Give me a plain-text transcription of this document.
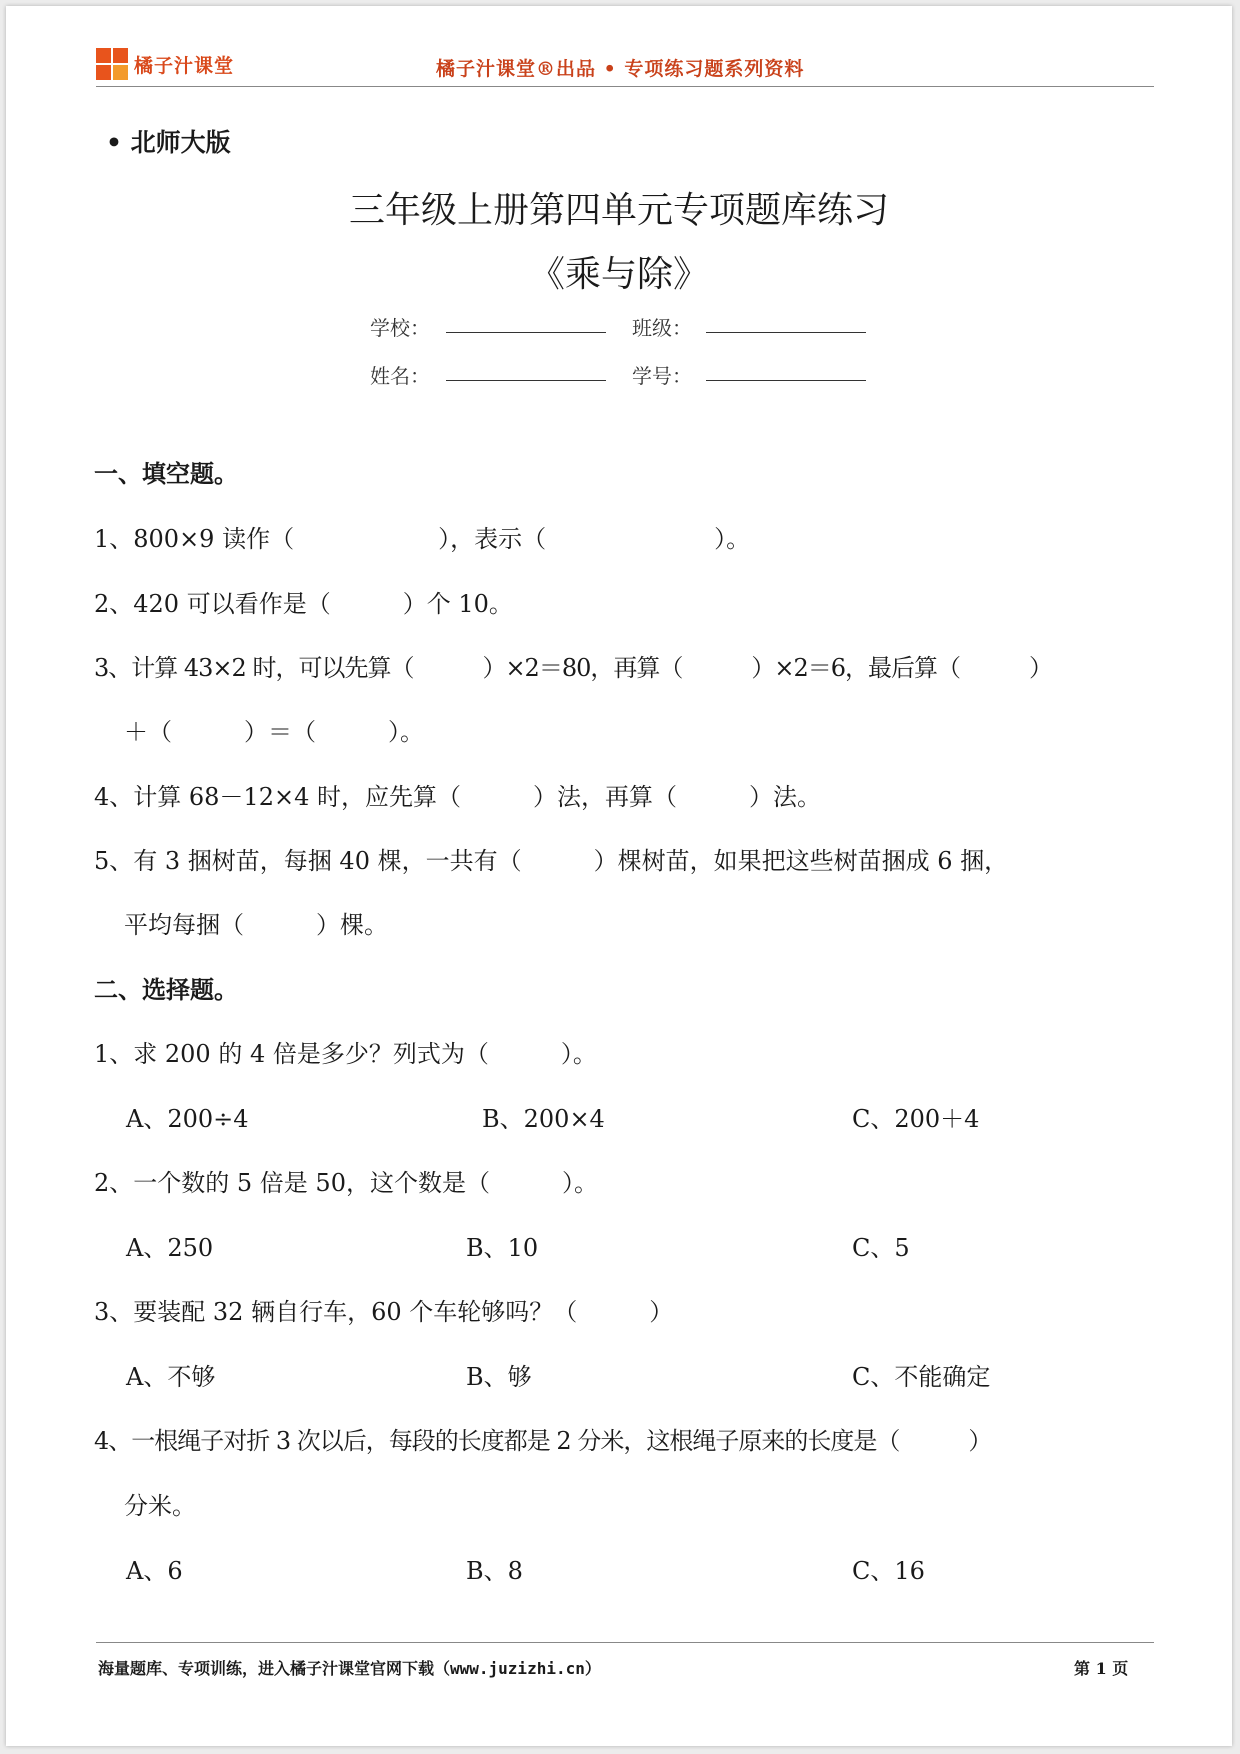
橘子汁课堂	橘子汁课堂®出品 • 专项练习题系列资料
• 北师大版
三年级上册第四单元专项题库练习
《乘与除》
学校：	班级：
姓名：	学号：
一、填空题。
1、800×9 读作（　　　　　　），表示（　　　　　　　）。
2、420 可以看作是（　　　）个 10。
3、计算 43×2 时，可以先算（　　　）×2＝80，再算（　　　）×2＝6，最后算（　　　）
＋（　　　）＝（　　　）。
4、计算 68－12×4 时，应先算（　　　）法，再算（　　　）法。
5、有 3 捆树苗，每捆 40 棵，一共有（　　　）棵树苗，如果把这些树苗捆成 6 捆，
平均每捆（　　　）棵。
二、选择题。
1、求 200 的 4 倍是多少？列式为（　　　）。
A、200÷4	B、200×4	C、200＋4
2、一个数的 5 倍是 50，这个数是（　　　）。
A、250	B、10	C、5
3、要装配 32 辆自行车，60 个车轮够吗？（　　　）
A、不够	B、够	C、不能确定
4、一根绳子对折 3 次以后，每段的长度都是 2 分米，这根绳子原来的长度是（　　　）
分米。
A、6	B、8	C、16
海量题库、专项训练，进入橘子汁课堂官网下载（www.juzizhi.cn）	第 1 页
